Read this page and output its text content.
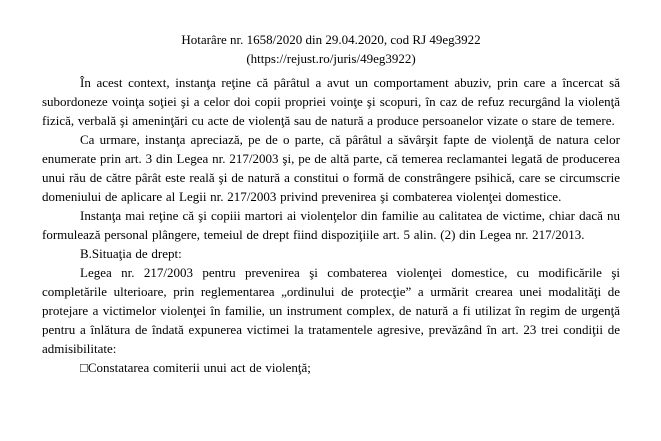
Hotarâre nr. 1658/2020 din 29.04.2020, cod RJ 49eg3922
(https://rejust.ro/juris/49eg3922)

În acest context, instanţa reţine că pârâtul a avut un comportament abuziv, prin care a încercat să subordoneze voinţa soţiei şi a celor doi copii propriei voinţe şi scopuri, în caz de refuz recurgând la violenţă fizică, verbală şi ameninţări cu acte de violenţă sau de natură a produce persoanelor vizate o stare de temere.

Ca urmare, instanţa apreciază, pe de o parte, că pârâtul a săvârşit fapte de violenţă de natura celor enumerate prin art. 3 din Legea nr. 217/2003 şi, pe de altă parte, că temerea reclamantei legată de producerea unui rău de către pârât este reală şi de natură a constitui o formă de constrângere psihică, care se circumscrie domeniului de aplicare al Legii nr. 217/2003 privind prevenirea şi combaterea violenţei domestice.

Instanţa mai reţine că şi copiii martori ai violenţelor din familie au calitatea de victime, chiar dacă nu formulează personal plângere, temeiul de drept fiind dispoziţiile art. 5 alin. (2) din Legea nr. 217/2013.

B.Situaţia de drept:

Legea nr. 217/2003 pentru prevenirea şi combaterea violenţei domestice, cu modificările şi completările ulterioare, prin reglementarea „ordinului de protecţie” a urmărit crearea unei modalităţi de protejare a victimelor violenţei în familie, un instrument complex, de natură a fi utilizat în regim de urgenţă pentru a înlătura de îndată expunerea victimei la tratamentele agresive, prevăzând în art. 23 trei condiţii de admisibilitate:

□Constatarea comiterii unui act de violenţă;
